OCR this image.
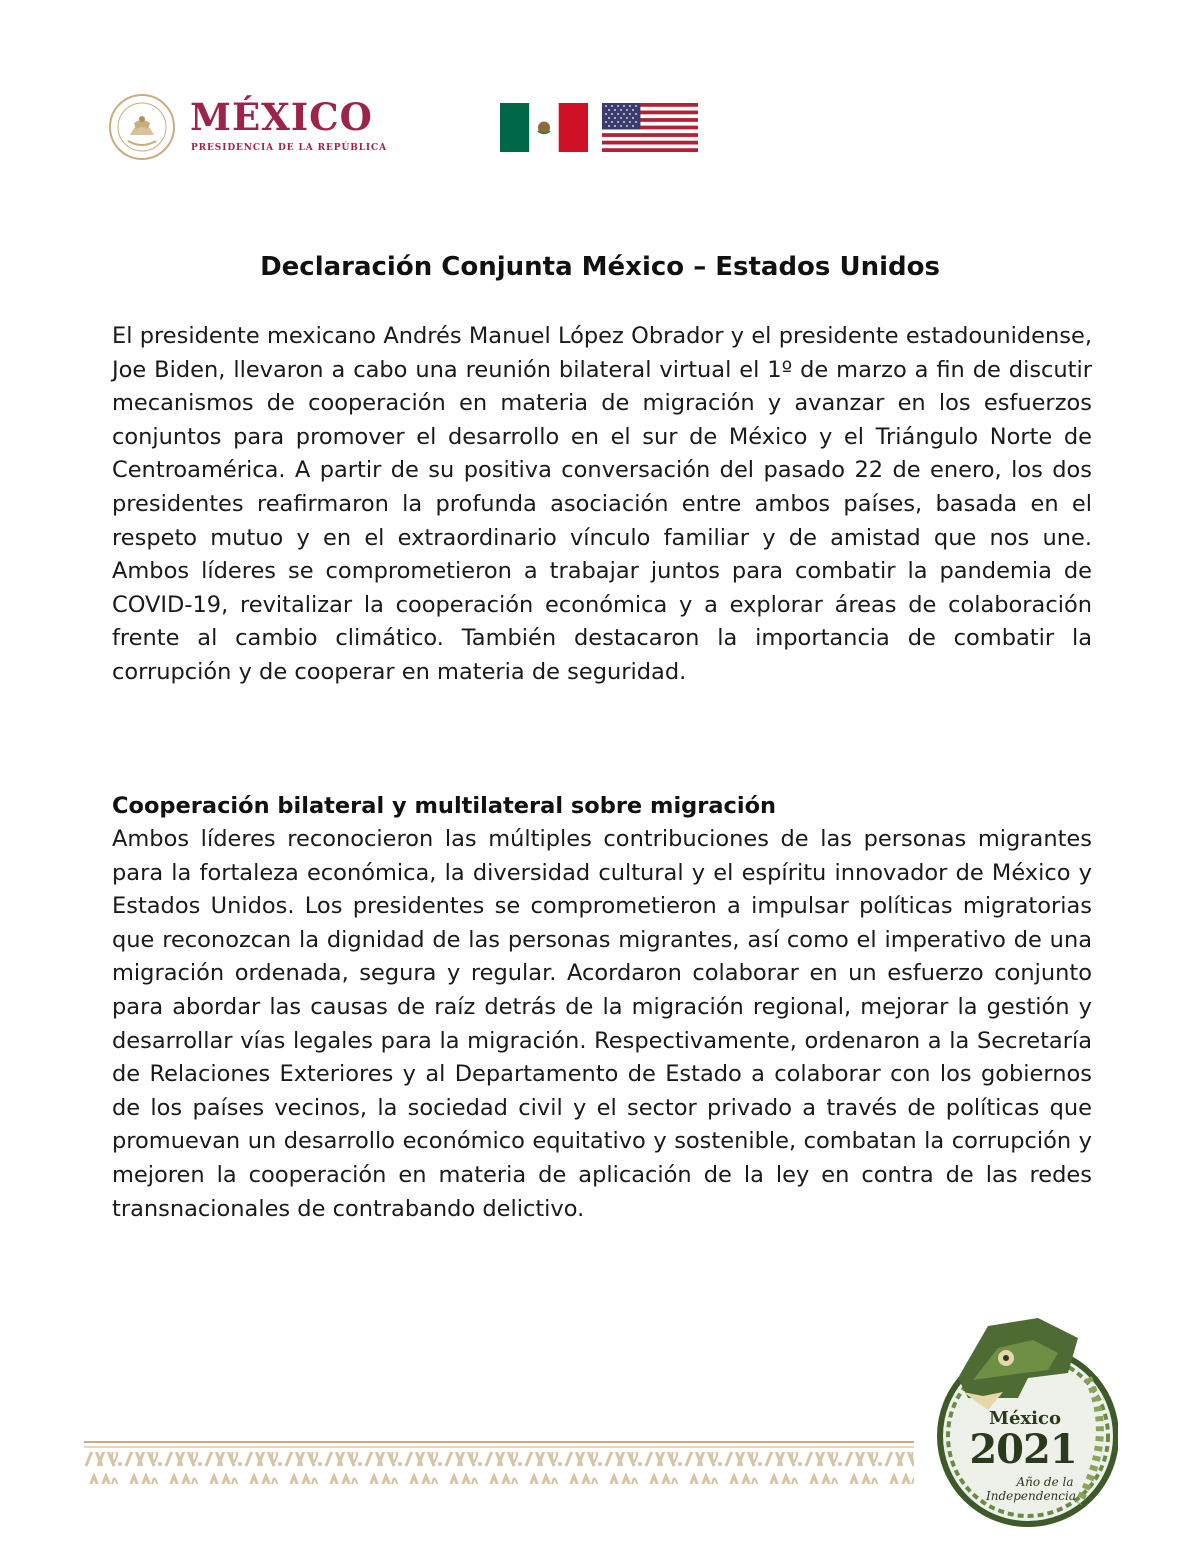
MÉXICO
PRESIDENCIA DE LA REPÚBLICA
Declaración Conjunta México – Estados Unidos

El presidente mexicano Andrés Manuel López Obrador y el presidente estadounidense, Joe Biden, llevaron a cabo una reunión bilateral virtual el 1º de marzo a fin de discutir mecanismos de cooperación en materia de migración y avanzar en los esfuerzos conjuntos para promover el desarrollo en el sur de México y el Triángulo Norte de Centroamérica. A partir de su positiva conversación del pasado 22 de enero, los dos presidentes reafirmaron la profunda asociación entre ambos países, basada en el respeto mutuo y en el extraordinario vínculo familiar y de amistad que nos une. Ambos líderes se comprometieron a trabajar juntos para combatir la pandemia de COVID-19, revitalizar la cooperación económica y a explorar áreas de colaboración frente al cambio climático. También destacaron la importancia de combatir la corrupción y de cooperar en materia de seguridad.

Cooperación bilateral y multilateral sobre migración

Ambos líderes reconocieron las múltiples contribuciones de las personas migrantes para la fortaleza económica, la diversidad cultural y el espíritu innovador de México y Estados Unidos. Los presidentes se comprometieron a impulsar políticas migratorias que reconozcan la dignidad de las personas migrantes, así como el imperativo de una migración ordenada, segura y regular. Acordaron colaborar en un esfuerzo conjunto para abordar las causas de raíz detrás de la migración regional, mejorar la gestión y desarrollar vías legales para la migración. Respectivamente, ordenaron a la Secretaría de Relaciones Exteriores y al Departamento de Estado a colaborar con los gobiernos de los países vecinos, la sociedad civil y el sector privado a través de políticas que promuevan un desarrollo económico equitativo y sostenible, combatan la corrupción y mejoren la cooperación en materia de aplicación de la ley en contra de las redes transnacionales de contrabando delictivo.

México
2021
Año de la
Independencia
